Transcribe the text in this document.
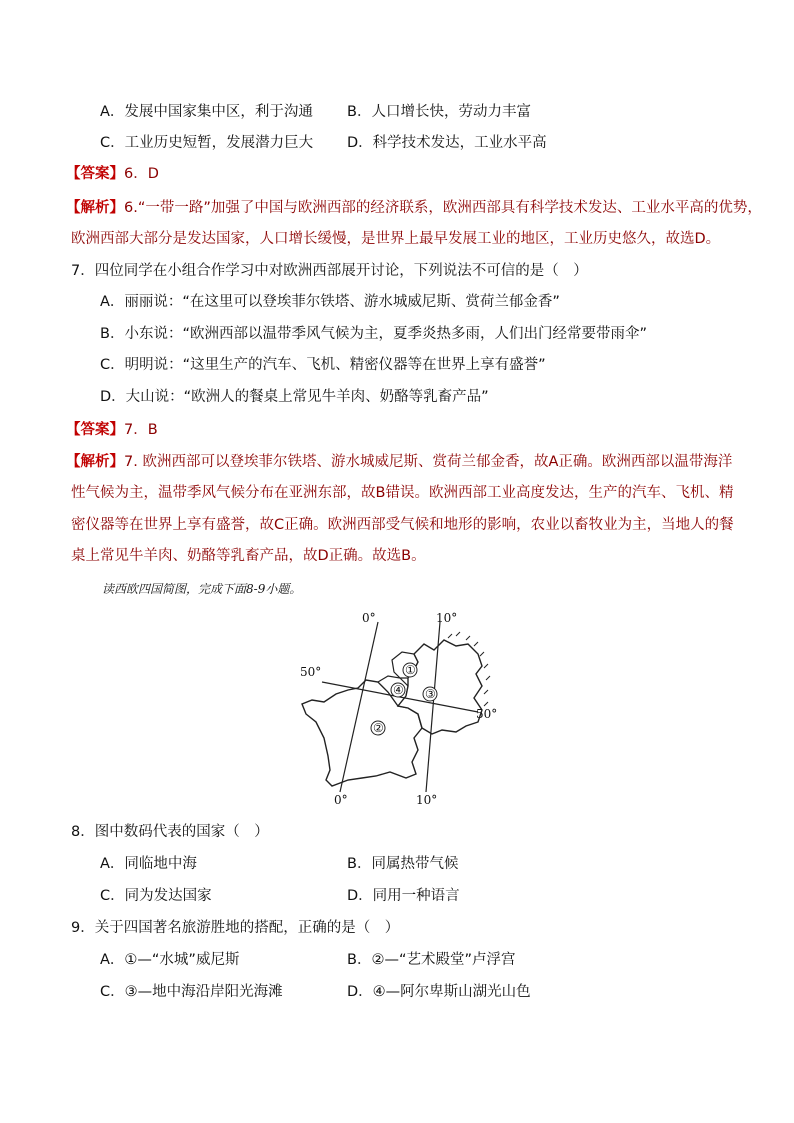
A．发展中国家集中区，利于沟通 B．人口增长快，劳动力丰富
C．工业历史短暂，发展潜力巨大 D．科学技术发达，工业水平高
【答案】6．D
【解析】6.“一带一路”加强了中国与欧洲西部的经济联系，欧洲西部具有科学技术发达、工业水平高的优势，
欧洲西部大部分是发达国家，人口增长缓慢，是世界上最早发展工业的地区，工业历史悠久，故选D。
7．四位同学在小组合作学习中对欧洲西部展开讨论，下列说法不可信的是（　）
A．丽丽说：“在这里可以登埃菲尔铁塔、游水城威尼斯、赏荷兰郁金香”
B．小东说：“欧洲西部以温带季风气候为主，夏季炎热多雨，人们出门经常要带雨伞”
C．明明说：“这里生产的汽车、飞机、精密仪器等在世界上享有盛誉”
D．大山说：“欧洲人的餐桌上常见牛羊肉、奶酪等乳畜产品”
【答案】7．B
【解析】7. 欧洲西部可以登埃菲尔铁塔、游水城威尼斯、赏荷兰郁金香，故A正确。欧洲西部以温带海洋
性气候为主，温带季风气候分布在亚洲东部，故B错误。欧洲西部工业高度发达，生产的汽车、飞机、精
密仪器等在世界上享有盛誉，故C正确。欧洲西部受气候和地形的影响，农业以畜牧业为主，当地人的餐
桌上常见牛羊肉、奶酪等乳畜产品，故D正确。故选B。
读西欧四国简图，完成下面8-9小题。
①
④ ③
②
0°	10°
50°
50°
0°	10°
8．图中数码代表的国家（　）
A．同临地中海	B．同属热带气候
C．同为发达国家	D．同用一种语言
9．关于四国著名旅游胜地的搭配，正确的是（　）
A．①—“水城”威尼斯	B．②—“艺术殿堂”卢浮宫
C．③—地中海沿岸阳光海滩	D．④—阿尔卑斯山湖光山色
